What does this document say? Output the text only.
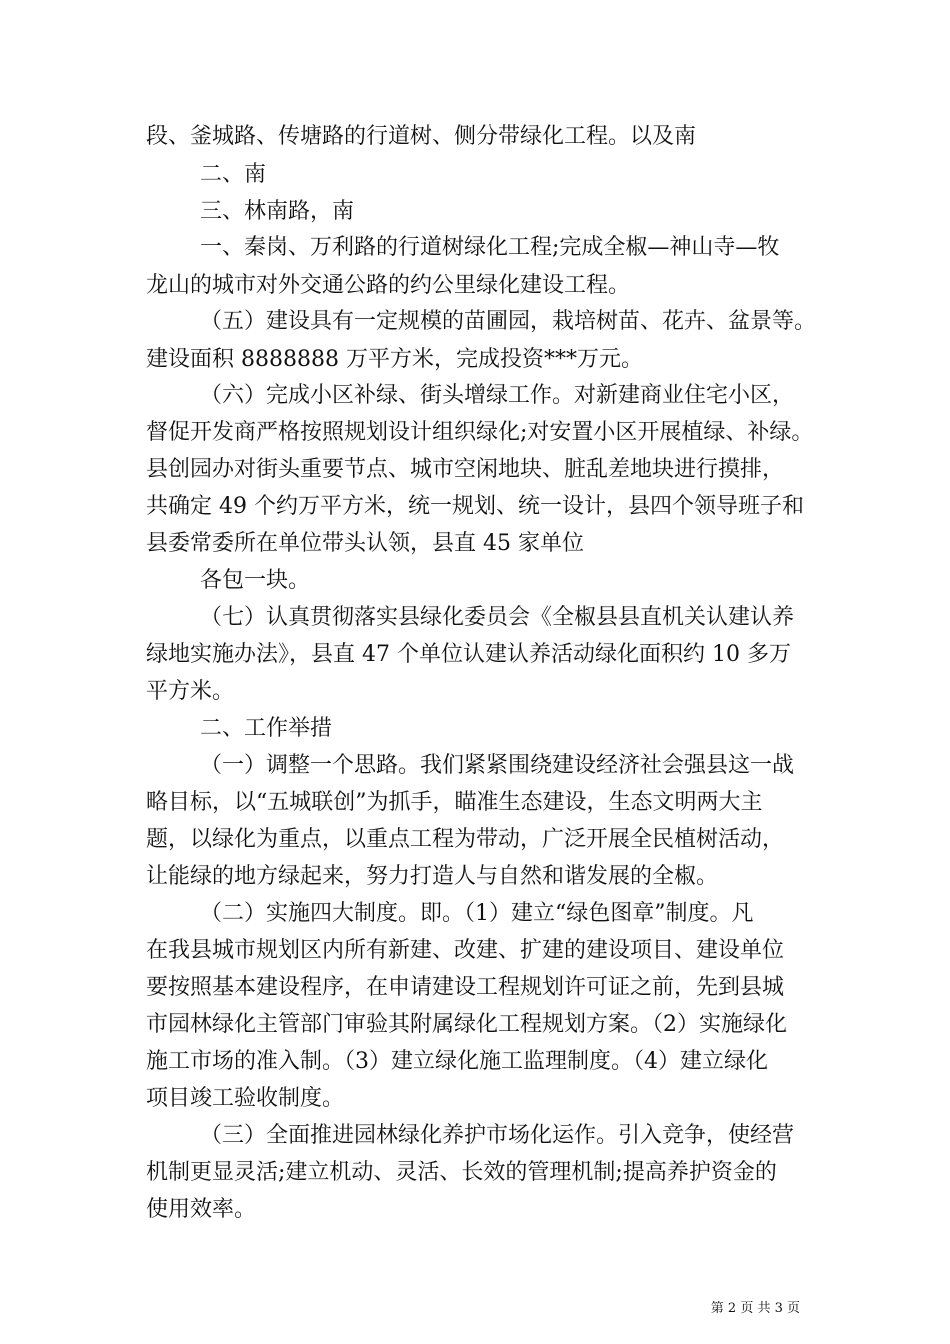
段、釜城路、传塘路的行道树、侧分带绿化工程。以及南
二、南
三、林南路，南
一、秦岗、万利路的行道树绿化工程;完成全椒—神山寺—牧
龙山的城市对外交通公路的约公里绿化建设工程。
（五）建设具有一定规模的苗圃园，栽培树苗、花卉、盆景等。
建设面积 8888888 万平方米，完成投资***万元。
（六）完成小区补绿、街头增绿工作。对新建商业住宅小区，
督促开发商严格按照规划设计组织绿化;对安置小区开展植绿、补绿。
县创园办对街头重要节点、城市空闲地块、脏乱差地块进行摸排，
共确定 49 个约万平方米，统一规划、统一设计，县四个领导班子和
县委常委所在单位带头认领，县直 45 家单位
各包一块。
（七）认真贯彻落实县绿化委员会《全椒县县直机关认建认养
绿地实施办法》，县直 47 个单位认建认养活动绿化面积约 10 多万
平方米。
二、工作举措
（一）调整一个思路。我们紧紧围绕建设经济社会强县这一战
略目标，以“五城联创”为抓手，瞄准生态建设，生态文明两大主
题，以绿化为重点，以重点工程为带动，广泛开展全民植树活动，
让能绿的地方绿起来，努力打造人与自然和谐发展的全椒。
（二）实施四大制度。即。（1）建立“绿色图章”制度。凡
在我县城市规划区内所有新建、改建、扩建的建设项目、建设单位
要按照基本建设程序，在申请建设工程规划许可证之前，先到县城
市园林绿化主管部门审验其附属绿化工程规划方案。（2）实施绿化
施工市场的准入制。（3）建立绿化施工监理制度。（4）建立绿化
项目竣工验收制度。
（三）全面推进园林绿化养护市场化运作。引入竞争，使经营
机制更显灵活;建立机动、灵活、长效的管理机制;提高养护资金的
使用效率。
第 2 页 共 3 页
